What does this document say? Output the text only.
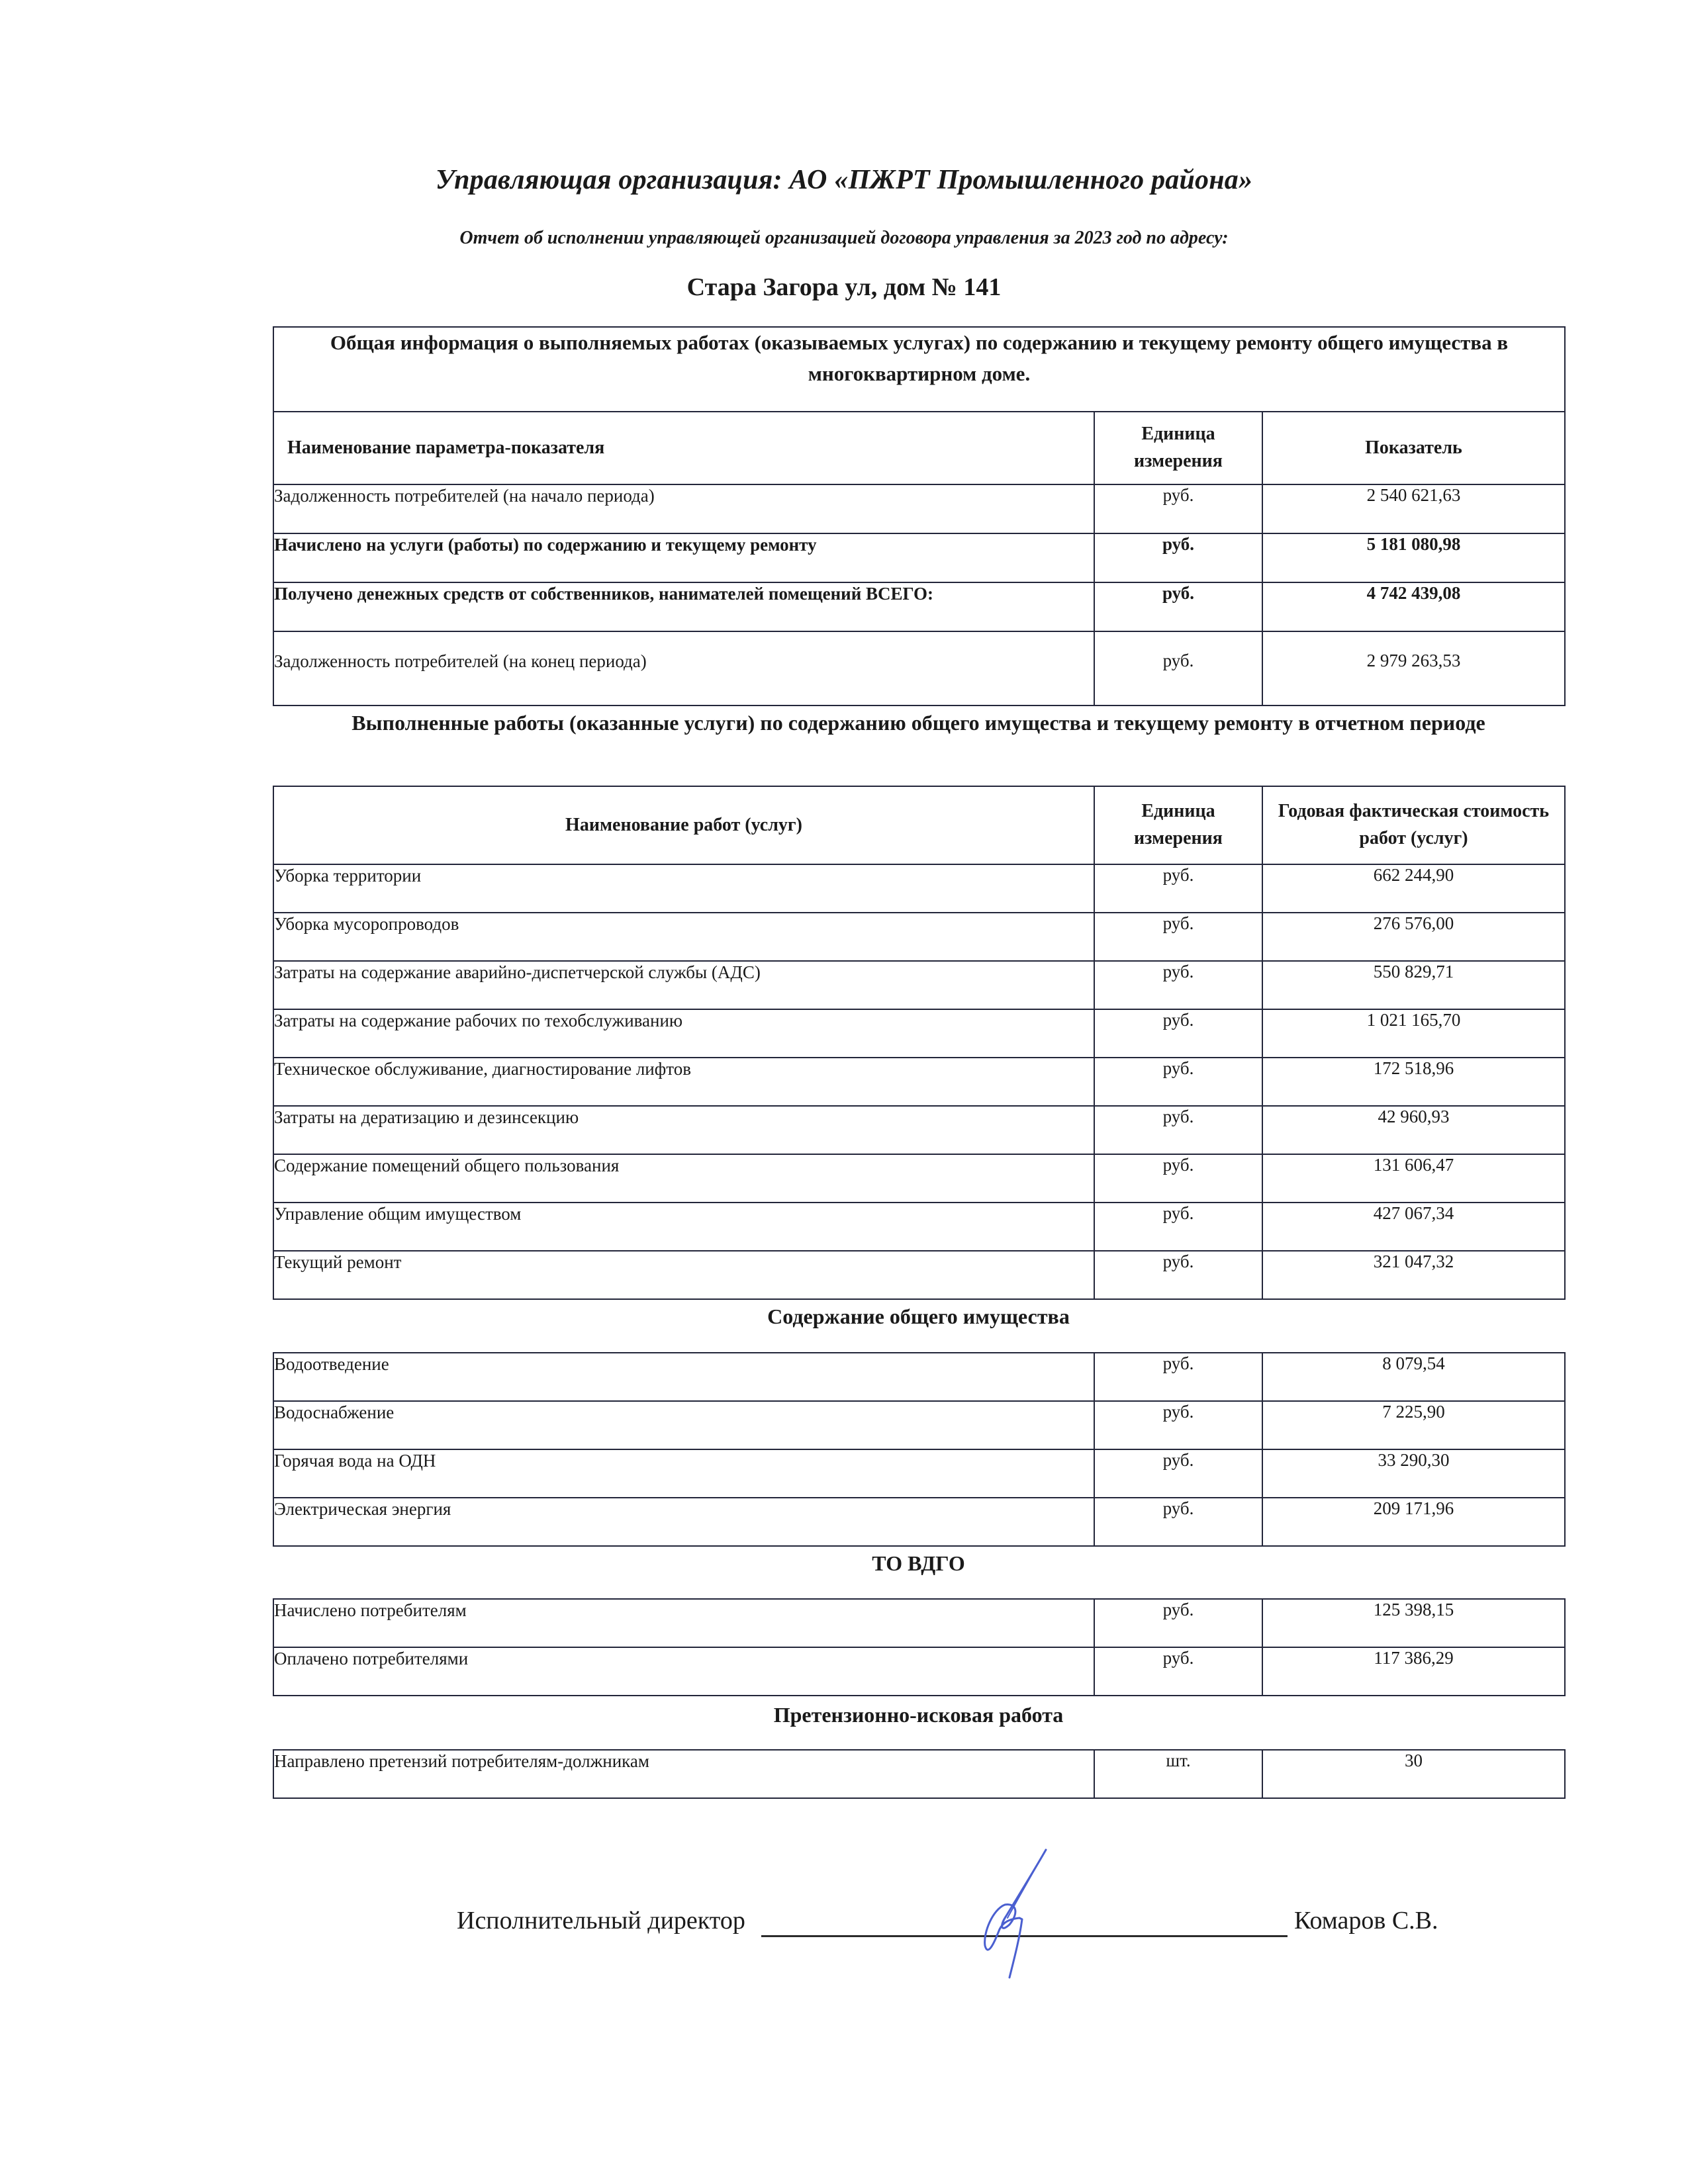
Управляющая организация: АО «ПЖРТ Промышленного района»
Отчет об исполнении управляющей организацией договора управления за 2023 год по адресу:
Стара Загора ул, дом № 141
Общая информация о выполняемых работах (оказываемых услугах) по содержанию и текущему ремонту общего имущества в многоквартирном доме.		
Наименование параметра-показателя	Единица измерения	Показатель
Задолженность потребителей (на начало периода)	руб.	2 540 621,63
Начислено на услуги (работы) по содержанию и текущему ремонту	руб.	5 181 080,98
Получено денежных средств от собственников, нанимателей помещений ВСЕГО:	руб.	4 742 439,08
Задолженность потребителей (на конец периода)	руб.	2 979 263,53
Выполненные работы (оказанные услуги) по содержанию общего имущества и текущему ремонту в отчетном периоде
Наименование работ (услуг)	Единица измерения	Годовая фактическая стоимость работ (услуг)
Уборка территории	руб.	662 244,90
Уборка мусоропроводов	руб.	276 576,00
Затраты на содержание аварийно-диспетчерской службы (АДС)	руб.	550 829,71
Затраты на содержание рабочих по техобслуживанию	руб.	1 021 165,70
Техническое обслуживание, диагностирование лифтов	руб.	172 518,96
Затраты на дератизацию и дезинсекцию	руб.	42 960,93
Содержание помещений общего пользования	руб.	131 606,47
Управление общим имуществом	руб.	427 067,34
Текущий ремонт	руб.	321 047,32
Содержание общего имущества
Водоотведение	руб.	8 079,54
Водоснабжение	руб.	7 225,90
Горячая вода на ОДН	руб.	33 290,30
Электрическая энергия	руб.	209 171,96
ТО ВДГО
Начислено потребителям	руб.	125 398,15
Оплачено потребителями	руб.	117 386,29
Претензионно-исковая работа
Направлено претензий потребителям-должникам	шт.	30
Исполнительный директор	Комаров С.В.
